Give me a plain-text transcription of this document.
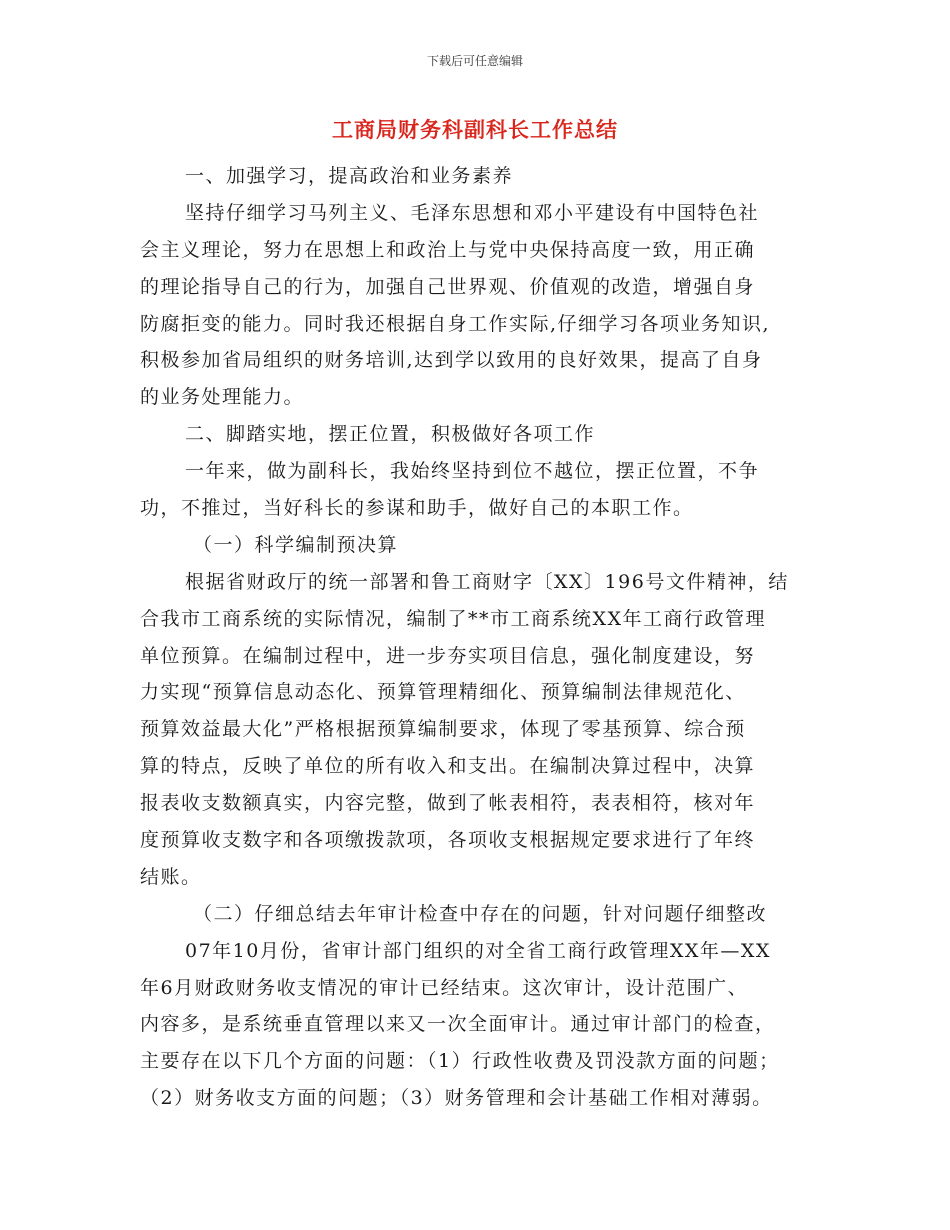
下载后可任意编辑
工商局财务科副科长工作总结
一、加强学习，提高政治和业务素养
坚持仔细学习马列主义、毛泽东思想和邓小平建设有中国特色社
会主义理论，努力在思想上和政治上与党中央保持高度一致，用正确
的理论指导自己的行为，加强自己世界观、价值观的改造，增强自身
防腐拒变的能力。同时我还根据自身工作实际,仔细学习各项业务知识,
积极参加省局组织的财务培训,达到学以致用的良好效果，提高了自身
的业务处理能力。
二、脚踏实地，摆正位置，积极做好各项工作
一年来，做为副科长，我始终坚持到位不越位，摆正位置，不争
功，不推过，当好科长的参谋和助手，做好自己的本职工作。
（一）科学编制预决算
根据省财政厅的统一部署和鲁工商财字〔XX〕196号文件精神，结
合我市工商系统的实际情况，编制了**市工商系统XX年工商行政管理
单位预算。在编制过程中，进一步夯实项目信息，强化制度建设，努
力实现“预算信息动态化、预算管理精细化、预算编制法律规范化、
预算效益最大化”严格根据预算编制要求，体现了零基预算、综合预
算的特点，反映了单位的所有收入和支出。在编制决算过程中，决算
报表收支数额真实，内容完整，做到了帐表相符，表表相符，核对年
度预算收支数字和各项缴拨款项，各项收支根据规定要求进行了年终
结账。
（二）仔细总结去年审计检查中存在的问题，针对问题仔细整改
07年10月份，省审计部门组织的对全省工商行政管理XX年—XX
年6月财政财务收支情况的审计已经结束。这次审计，设计范围广、
内容多，是系统垂直管理以来又一次全面审计。通过审计部门的检查，
主要存在以下几个方面的问题：（1）行政性收费及罚没款方面的问题；
（2）财务收支方面的问题；（3）财务管理和会计基础工作相对薄弱。
